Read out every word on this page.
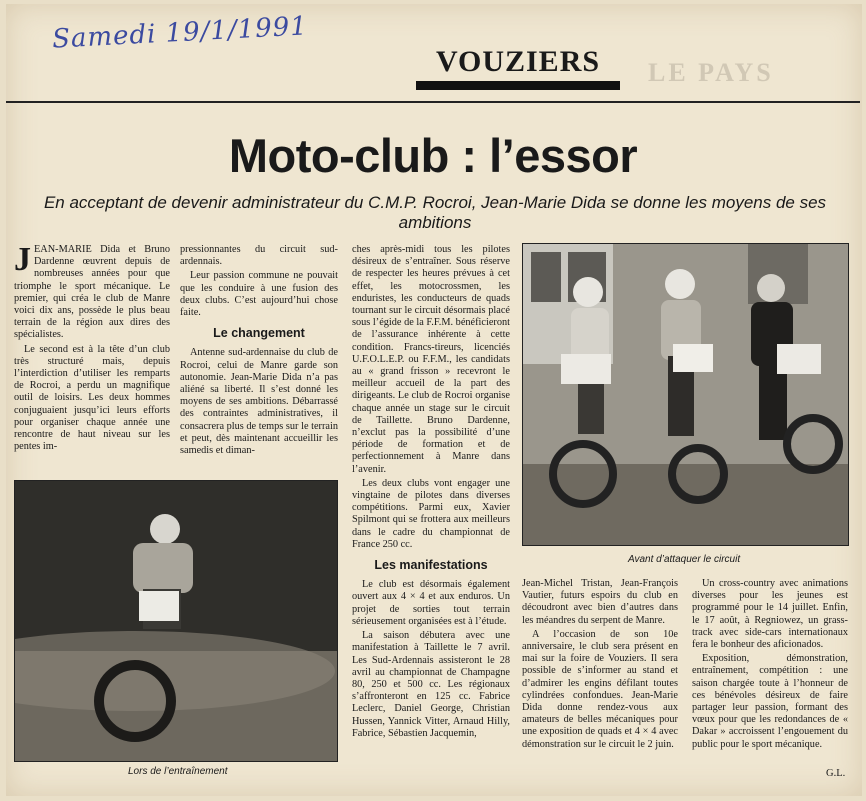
Samedi 19/1/1991
VOUZIERS	LE PAYS
Moto-club : l’essor
En acceptant de devenir administrateur du C.M.P. Rocroi, Jean-Marie Dida se donne les moyens de ses ambitions

JEAN-MARIE Dida et Bruno Dardenne œuvrent depuis de nombreuses années pour que triomphe le sport mécanique. Le premier, qui créa le club de Manre voici dix ans, possède le plus beau terrain de la région aux dires des spécialistes.

Le second est à la tête d’un club très structuré mais, depuis l’interdiction d’utiliser les remparts de Rocroi, a perdu un magnifique outil de loisirs. Les deux hommes conjuguaient jusqu’ici leurs efforts pour organiser chaque année une rencontre de haut niveau sur les pentes im-

pressionnantes du circuit sud-ardennais.

Leur passion commune ne pouvait que les conduire à une fusion des deux clubs. C’est aujourd’hui chose faite.

Le changement

Antenne sud-ardennaise du club de Rocroi, celui de Manre garde son autonomie. Jean-Marie Dida n’a pas aliéné sa liberté. Il s’est donné les moyens de ses ambitions. Débarrassé des contraintes administratives, il consacrera plus de temps sur le terrain et peut, dès maintenant accueillir les samedis et diman-

ches après-midi tous les pilotes désireux de s’entraîner. Sous réserve de respecter les heures prévues à cet effet, les motocrossmen, les enduristes, les conducteurs de quads tournant sur le circuit désormais placé sous l’égide de la F.F.M. bénéficieront de l’assurance inhérente à cette condition. Francs-tireurs, licenciés U.F.O.L.E.P. ou F.F.M., les candidats au « grand frisson » recevront le meilleur accueil de la part des dirigeants. Le club de Rocroi organise chaque année un stage sur le circuit de Taillette. Bruno Dardenne, n’exclut pas la possibilité d’une période de formation et de perfectionnement à Manre dans l’avenir.

Les deux clubs vont engager une vingtaine de pilotes dans diverses compétitions. Parmi eux, Xavier Spilmont qui se frottera aux meilleurs dans le cadre du championnat de France 250 cc.

Les manifestations

Le club est désormais également ouvert aux 4 × 4 et aux enduros. Un projet de sorties tout terrain sérieusement organisées est à l’étude.

La saison débutera avec une manifestation à Taillette le 7 avril. Les Sud-Ardennais assisteront le 28 avril au championnat de Champagne 80, 250 et 500 cc. Les régionaux s’affronteront en 125 cc. Fabrice Leclerc, Daniel George, Christian Hussen, Yannick Vitter, Arnaud Hilly, Fabrice, Sébastien Jacquemin,

Jean-Michel Tristan, Jean-François Vautier, futurs espoirs du club en découdront avec bien d’autres dans les méandres du serpent de Manre.

A l’occasion de son 10e anniversaire, le club sera présent en mai sur la foire de Vouziers. Il sera possible de s’informer au stand et d’admirer les engins défilant toutes cylindrées confondues. Jean-Marie Dida donne rendez-vous aux amateurs de belles mécaniques pour une exposition de quads et 4 × 4 avec démonstration sur le circuit le 2 juin.

Un cross-country avec animations diverses pour les jeunes est programmé pour le 14 juillet. Enfin, le 17 août, à Regniowez, un grass-track avec side-cars internationaux fera le bonheur des aficionados.

Exposition, démonstration, entraînement, compétition : une saison chargée toute à l’honneur de ces bénévoles désireux de faire partager leur passion, formant des vœux pour que les redondances de « Dakar » accroissent l’engouement du public pour le sport mécanique.

G.L.
Avant d’attaquer le circuit
Lors de l’entraînement
